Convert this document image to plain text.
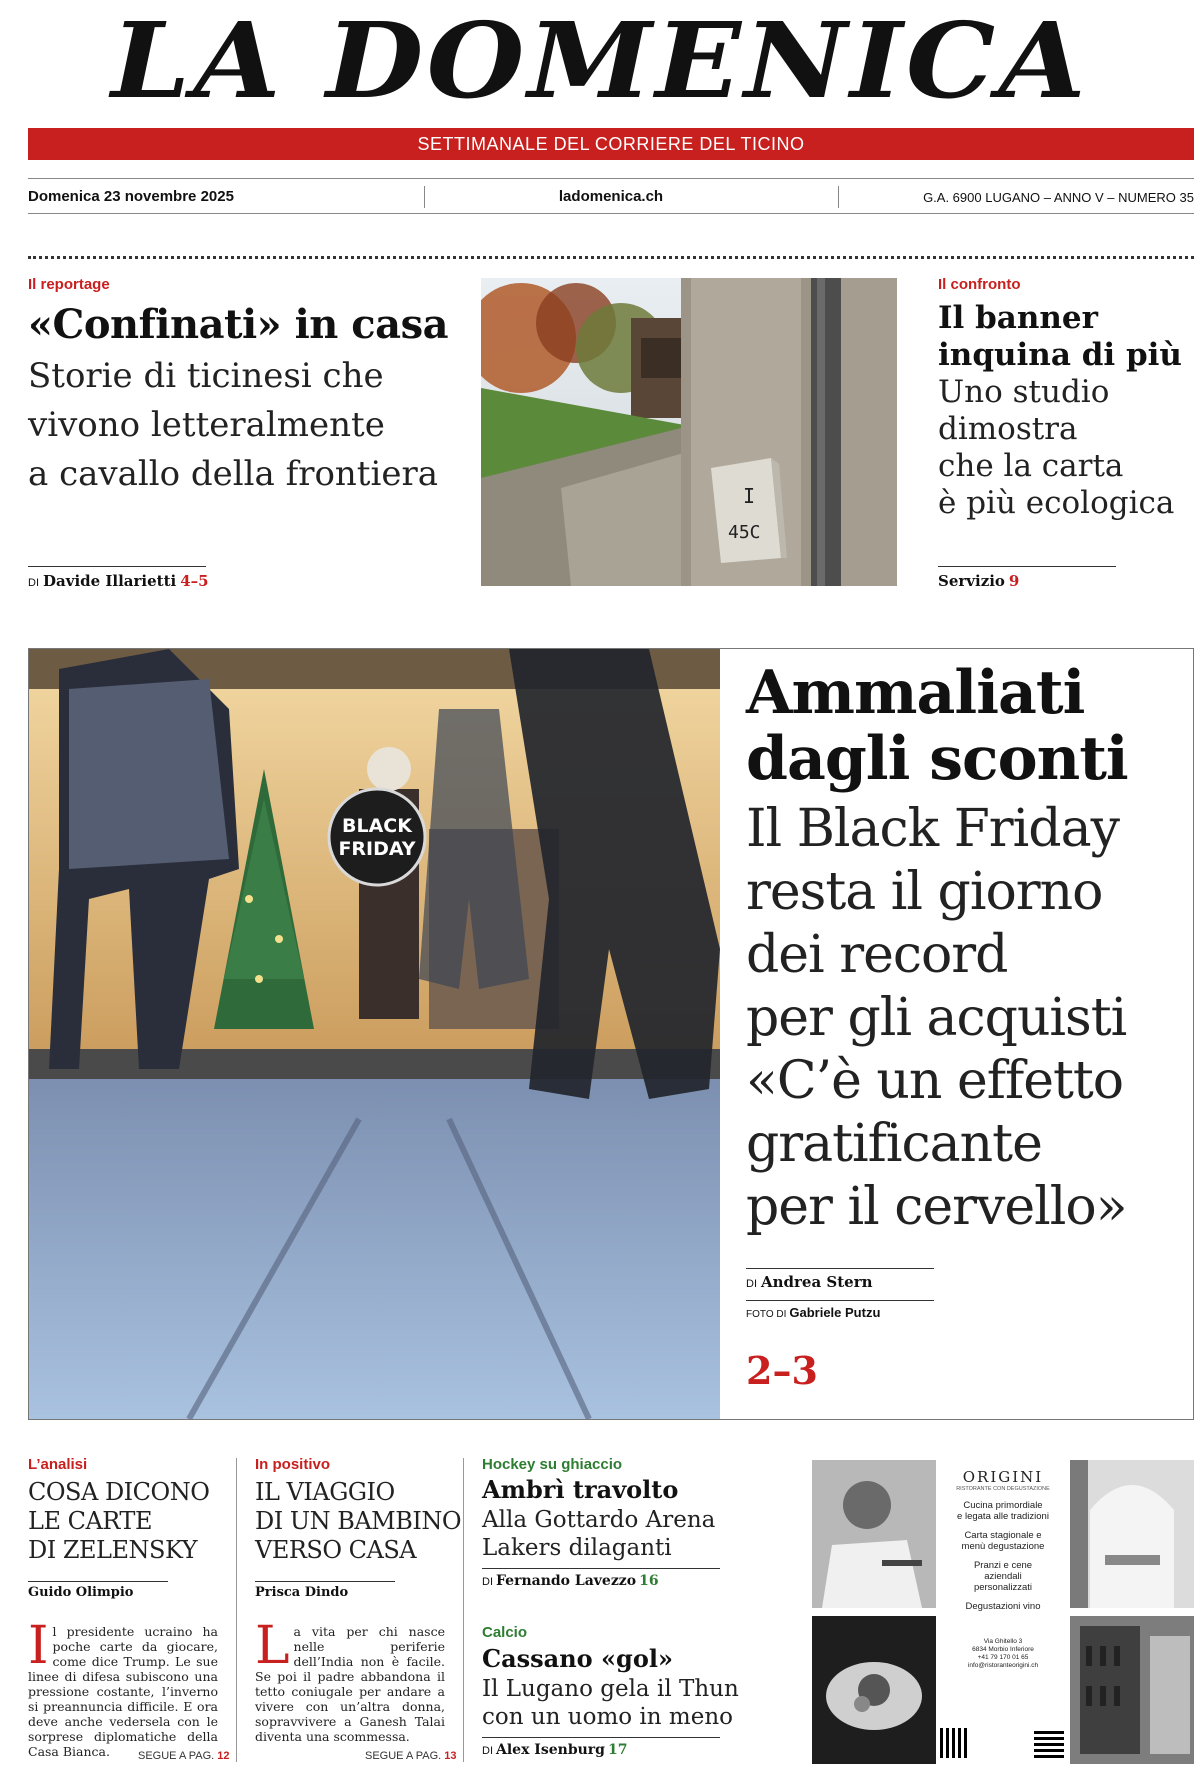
LA DOMENICA
SETTIMANALE DEL CORRIERE DEL TICINO
Domenica 23 novembre 2025	ladomenica.ch	G.A. 6900 LUGANO – ANNO V – NUMERO 35
Il reportage
«Confinati» in casa
Storie di ticinesi che
vivono letteralmente
a cavallo della frontiera
DI Davide Illarietti 4–5
I
45C
Il confronto
Il banner
inquina di più
Uno studio
dimostra
che la carta
è più ecologica
Servizio 9
BLACK
FRIDAY
Ammaliati
dagli sconti
Il Black Friday
resta il giorno
dei record
per gli acquisti
«C’è un effetto
gratificante
per il cervello»
DI Andrea Stern
FOTO DI Gabriele Putzu
2–3
L’analisi
COSA DICONO
LE CARTE
DI ZELENSKY
Guido Olimpio
Il presidente ucraino ha poche carte da giocare, come dice Trump. Le sue linee di difesa subiscono una pressione costante, l’inverno si preannuncia difficile. E ora deve anche vedersela con le sorprese diplomatiche della Casa Bianca.	SEGUE A PAG. 12
In positivo
IL VIAGGIO
DI UN BAMBINO
VERSO CASA
Prisca Dindo
La vita per chi nasce nelle periferie dell’India non è facile. Se poi il padre abbandona il tetto coniugale per andare a vivere con un’altra donna, sopravvivere a Ganesh Talai diventa una scommessa.
SEGUE A PAG. 13
Hockey su ghiaccio
Ambrì travolto
Alla Gottardo Arena
Lakers dilaganti
DI Fernando Lavezzo 16
Calcio
Cassano «gol»
Il Lugano gela il Thun
con un uomo in meno
DI Alex Isenburg 17
ORIGINI
RISTORANTE CON DEGUSTAZIONE
Cucina primordiale
e legata alle tradizioni
Carta stagionale e
menù degustazione
Pranzi e cene
aziendali
personalizzati
Degustazioni vino
Via Ghitello 3
6834 Morbio Inferiore
+41 79 170 01 65
info@ristoranteorigini.ch
